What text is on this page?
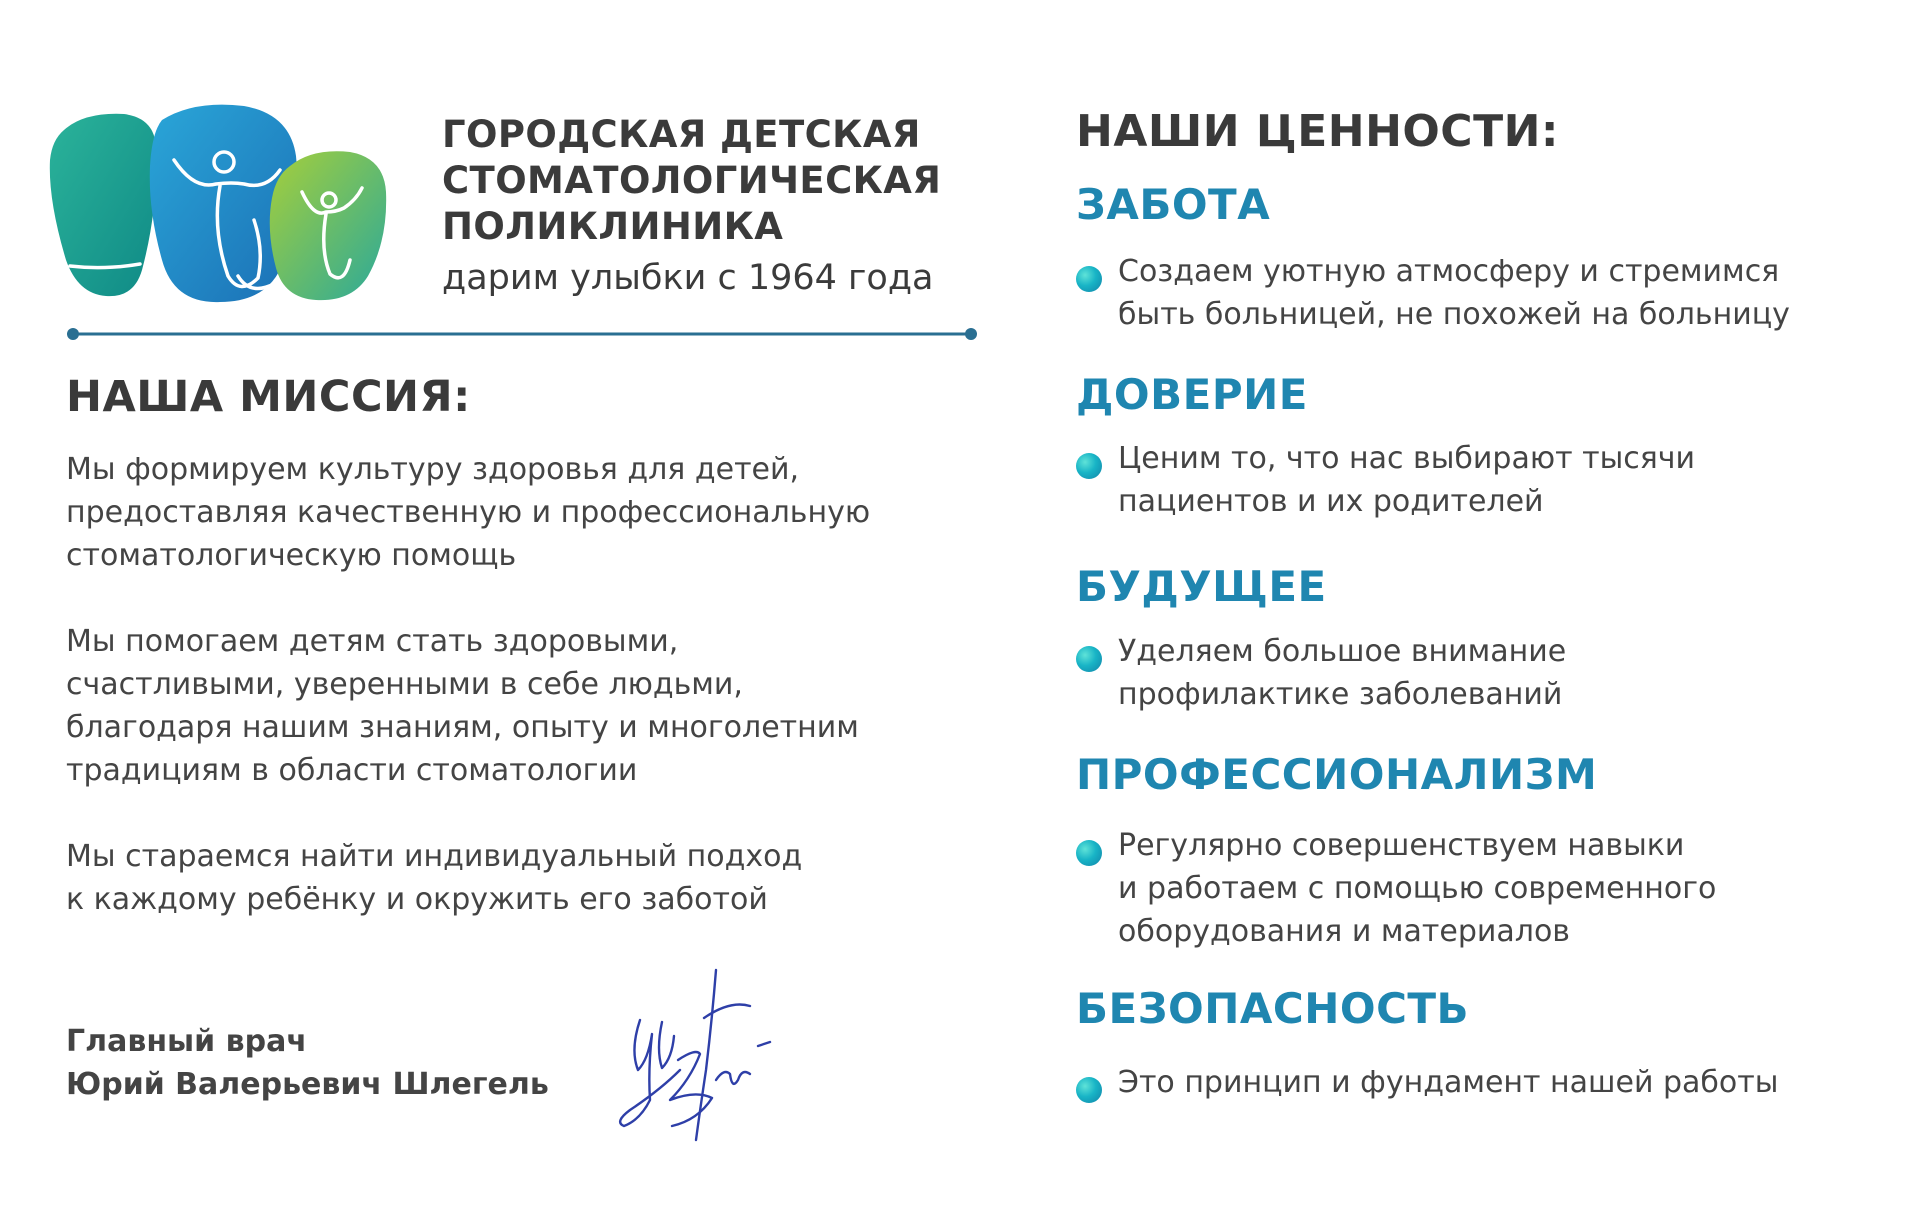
ГОРОДСКАЯ ДЕТСКАЯ
СТОМАТОЛОГИЧЕСКАЯ
ПОЛИКЛИНИКА
дарим улыбки с 1964 года
НАША МИССИЯ:
Мы формируем культуру здоровья для детей,
предоставляя качественную и профессиональную
стоматологическую помощь
Мы помогаем детям стать здоровыми,
счастливыми, уверенными в себе людьми,
благодаря нашим знаниям, опыту и многолетним
традициям в области стоматологии
Мы стараемся найти индивидуальный подход
к каждому ребёнку и окружить его заботой
Главный врач
Юрий Валерьевич Шлегель
НАШИ ЦЕННОСТИ:
ЗАБОТА
Создаем уютную атмосферу и стремимся
быть больницей, не похожей на больницу
ДОВЕРИЕ
Ценим то, что нас выбирают тысячи
пациентов и их родителей
БУДУЩЕЕ
Уделяем большое внимание
профилактике заболеваний
ПРОФЕССИОНАЛИЗМ
Регулярно совершенствуем навыки
и работаем с помощью современного
оборудования и материалов
БЕЗОПАСНОСТЬ
Это принцип и фундамент нашей работы
